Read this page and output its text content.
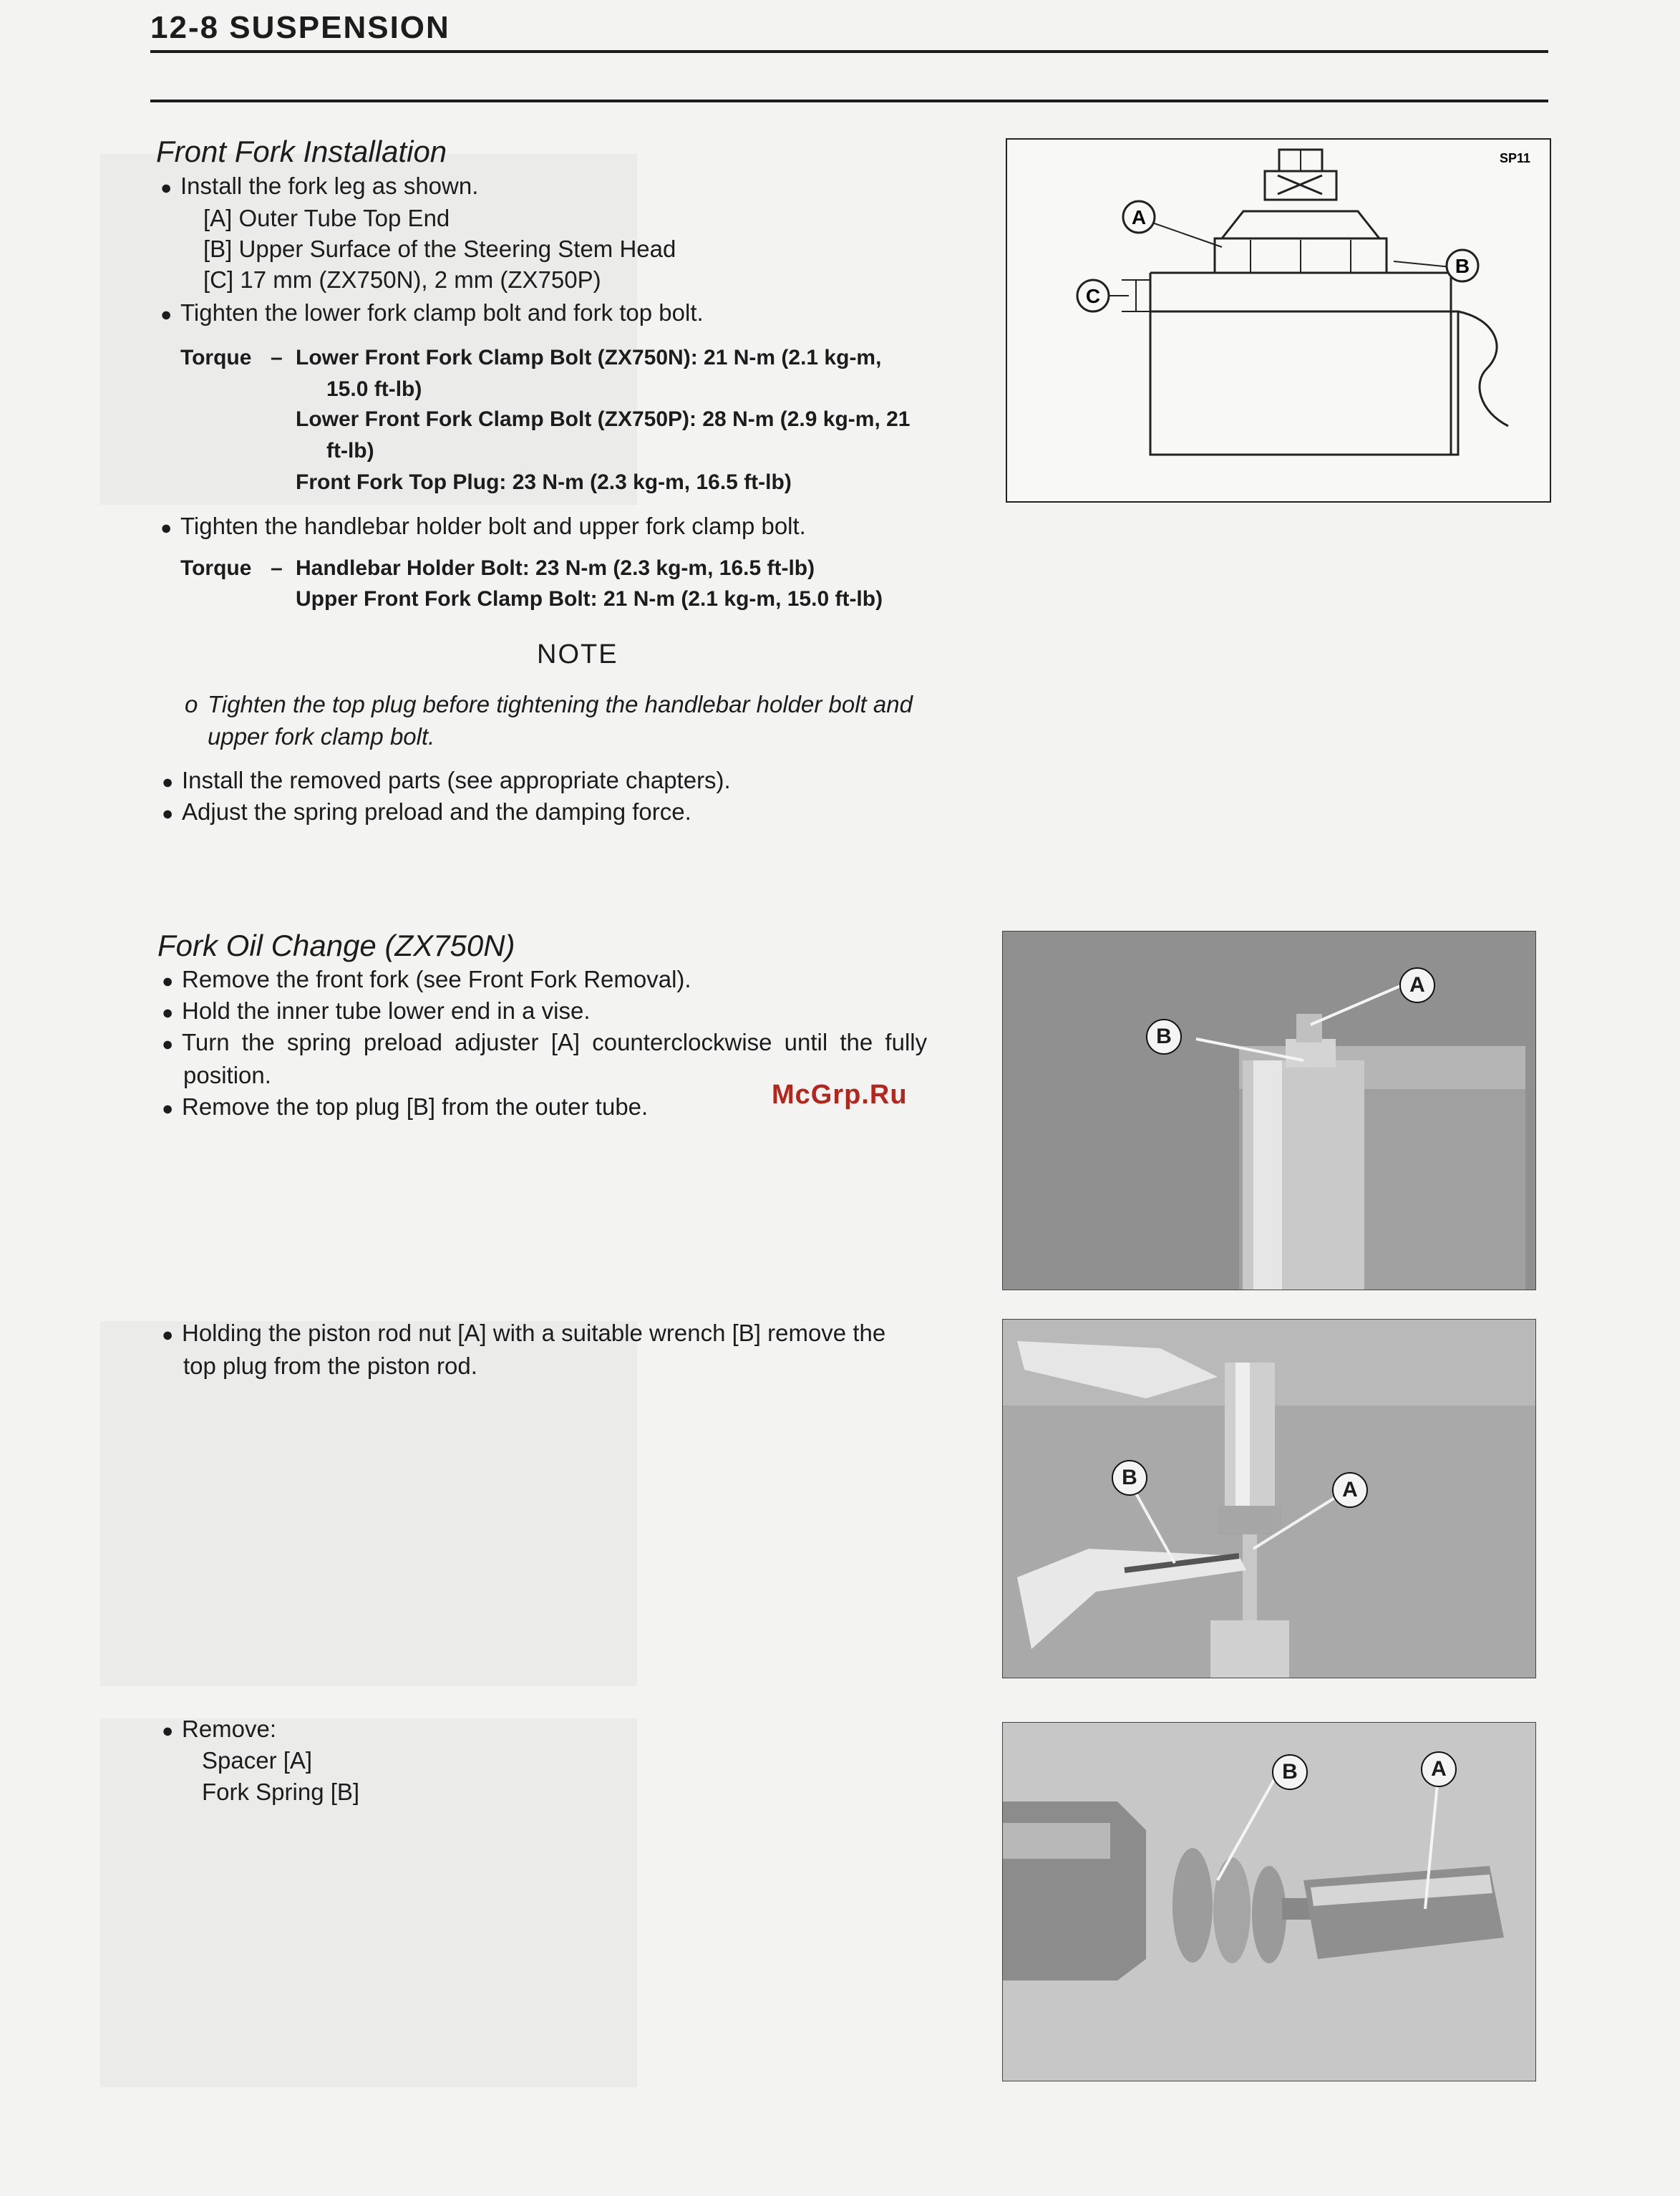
12-8 SUSPENSION
Front Fork Installation
● Install the fork leg as shown.
[A] Outer Tube Top End
[B] Upper Surface of the Steering Stem Head
[C] 17 mm (ZX750N), 2 mm (ZX750P)
● Tighten the lower fork clamp bolt and fork top bolt.
Torque – Lower Front Fork Clamp Bolt (ZX750N): 21 N-m (2.1 kg-m,
15.0 ft-lb)
Lower Front Fork Clamp Bolt (ZX750P): 28 N-m (2.9 kg-m, 21
ft-lb)
Front Fork Top Plug: 23 N-m (2.3 kg-m, 16.5 ft-lb)
● Tighten the handlebar holder bolt and upper fork clamp bolt.
Torque – Handlebar Holder Bolt: 23 N-m (2.3 kg-m, 16.5 ft-lb)
Upper Front Fork Clamp Bolt: 21 N-m (2.1 kg-m, 15.0 ft-lb)
NOTE
o Tighten the top plug before tightening the handlebar holder bolt and
upper fork clamp bolt.
● Install the removed parts (see appropriate chapters).
● Adjust the spring preload and the damping force.
Fork Oil Change (ZX750N)
● Remove the front fork (see Front Fork Removal).
● Hold the inner tube lower end in a vise.
● Turn the spring preload adjuster [A] counterclockwise until the fully
position.
● Remove the top plug [B] from the outer tube.	McGrp.Ru
● Holding the piston rod nut [A] with a suitable wrench [B] remove the
top plug from the piston rod.
● Remove:
Spacer [A]
Fork Spring [B]
SP11
A
B
C
A
B
B
A
B	A
